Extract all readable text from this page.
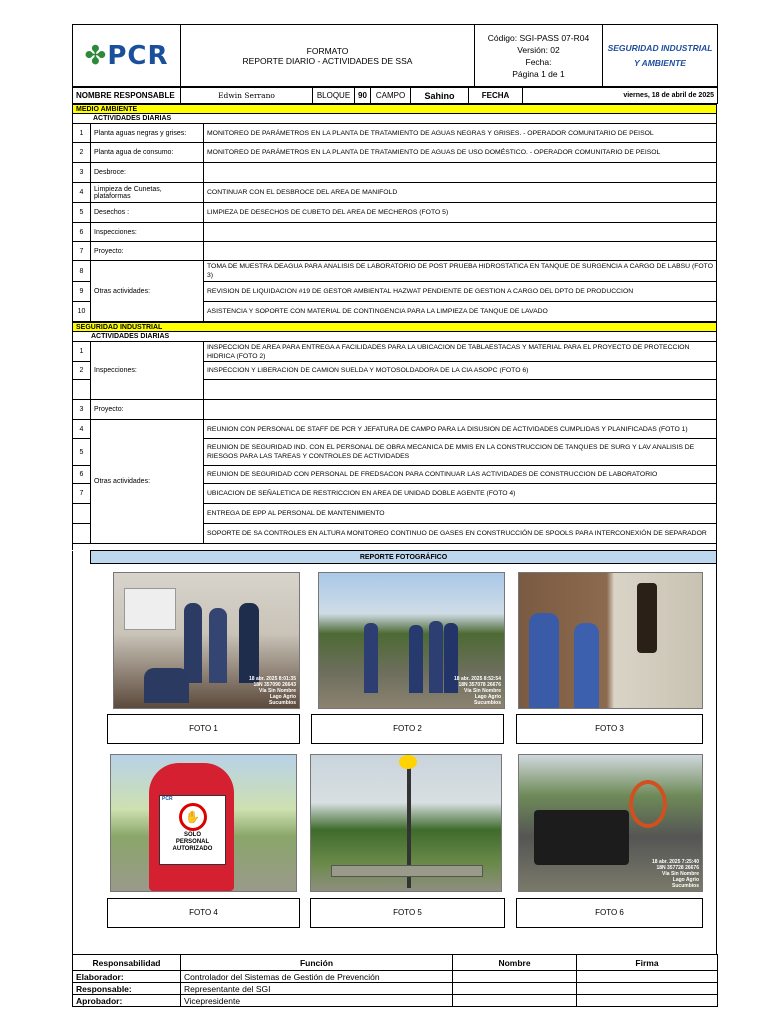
✤PCR	FORMATO
REPORTE DIARIO - ACTIVIDADES DE SSA

Código: SGI-PASS 07-R04
Versión: 02
Fecha:
Página 1 de 1
	SEGURIDAD INDUSTRIAL Y AMBIENTE
NOMBRE RESPONSABLE	Edwin Serrano	BLOQUE	90	CAMPO	Sahino	FECHA	viernes, 18 de abril de 2025
MEDIO AMBIENTE		
ACTIVIDADES DIARIAS		
1	Planta aguas negras y grises:	MONITOREO DE PARÁMETROS EN LA PLANTA DE TRATAMIENTO DE AGUAS NEGRAS Y GRISES. - OPERADOR COMUNITARIO DE PEISOL
2	Planta agua de consumo:	MONITOREO DE PARÁMETROS EN LA PLANTA DE TRATAMIENTO DE AGUAS DE USO DOMÉSTICO. - OPERADOR COMUNITARIO DE PEISOL
3	Desbroce:	
4	Limpieza de Cunetas, plataformas	CONTINUAR CON EL DESBROCE DEL AREA DE MANIFOLD
5	Desechos :	LIMPIEZA DE DESECHOS DE CUBETO DEL AREA DE MECHEROS (FOTO 5)
6	Inspecciones:	
7	Proyecto:	
8	Otras actividades:	TOMA DE MUESTRA DEAGUA PARA ANALISIS DE LABORATORIO DE POST PRUEBA HIDROSTATICA EN TANQUE DE SURGENCIA A CARGO DE LABSU (FOTO 3)
9		REVISION DE LIQUIDACION #19 DE GESTOR AMBIENTAL HAZWAT PENDIENTE DE GESTION A CARGO DEL DPTO DE PRODUCCION
10		ASISTENCIA Y SOPORTE CON MATERIAL DE CONTINGENCIA PARA LA LIMPIEZA DE TANQUE DE LAVADO
SEGURIDAD INDUSTRIAL		
ACTIVIDADES DIARIAS		
1	Inspecciones:	INSPECCION DE AREA PARA ENTREGA A FACILIDADES PARA LA UBICACION DE TABLAESTACAS Y MATERIAL PARA EL PROYECTO DE PROTECCION HIDRICA (FOTO 2)
2		INSPECCION Y LIBERACION DE CAMION SUELDA Y MOTOSOLDADORA DE LA CIA ASOPC (FOTO 6)

3	Proyecto:	
4	Otras actividades:	REUNION CON PERSONAL DE STAFF DE PCR Y JEFATURA DE CAMPO PARA LA DISUSION DE ACTIVIDADES CUMPLIDAS Y PLANIFICADAS (FOTO 1)
5		REUNION DE SEGURIDAD IND. CON EL PERSONAL DE OBRA MECANICA DE MMIS EN LA CONSTRUCCION DE TANQUES DE SURG Y LAV ANALISIS DE RIESGOS PARA LAS TAREAS Y CONTROLES DE ACTIVIDADES
6		REUNION DE SEGURIDAD CON PERSONAL DE FREDSACON PARA CONTINUAR LAS ACTIVIDADES DE CONSTRUCCION DE LABORATORIO
7		UBICACION DE SEÑALETICA DE RESTRICCION EN AREA DE UNIDAD DOBLE AGENTE (FOTO 4)
		ENTREGA DE EPP AL PERSONAL DE MANTENIMIENTO
		SOPORTE DE SA CONTROLES EN ALTURA MONITOREO CONTINUO DE GASES EN CONSTRUCCIÓN DE SPOOLS PARA INTERCONEXIÓN DE SEPARADOR
	REPORTE FOTOGRÁFICO
18 abr. 2025 8:01:35
18N 357090 26643
Vía Sin Nombre
Lago Agrio
Sucumbíos
18 abr. 2025 8:52:54
18N 357078 26676
Vía Sin Nombre
Lago Agrio
Sucumbíos
FOTO 1	FOTO 2	FOTO 3
PCR
✋
SOLO
PERSONAL
AUTORIZADO
18 abr. 2025 7:25:40
18N 357728 26676
Vía Sin Nombre
Lago Agrio
Sucumbíos
FOTO 4	FOTO 5	FOTO 6
Responsabilidad	Función	Nombre	Firma
Elaborador:	Controlador del Sistemas de Gestión de Prevención		
Responsable:	Representante del SGI		
Aprobador:	Vicepresidente		
